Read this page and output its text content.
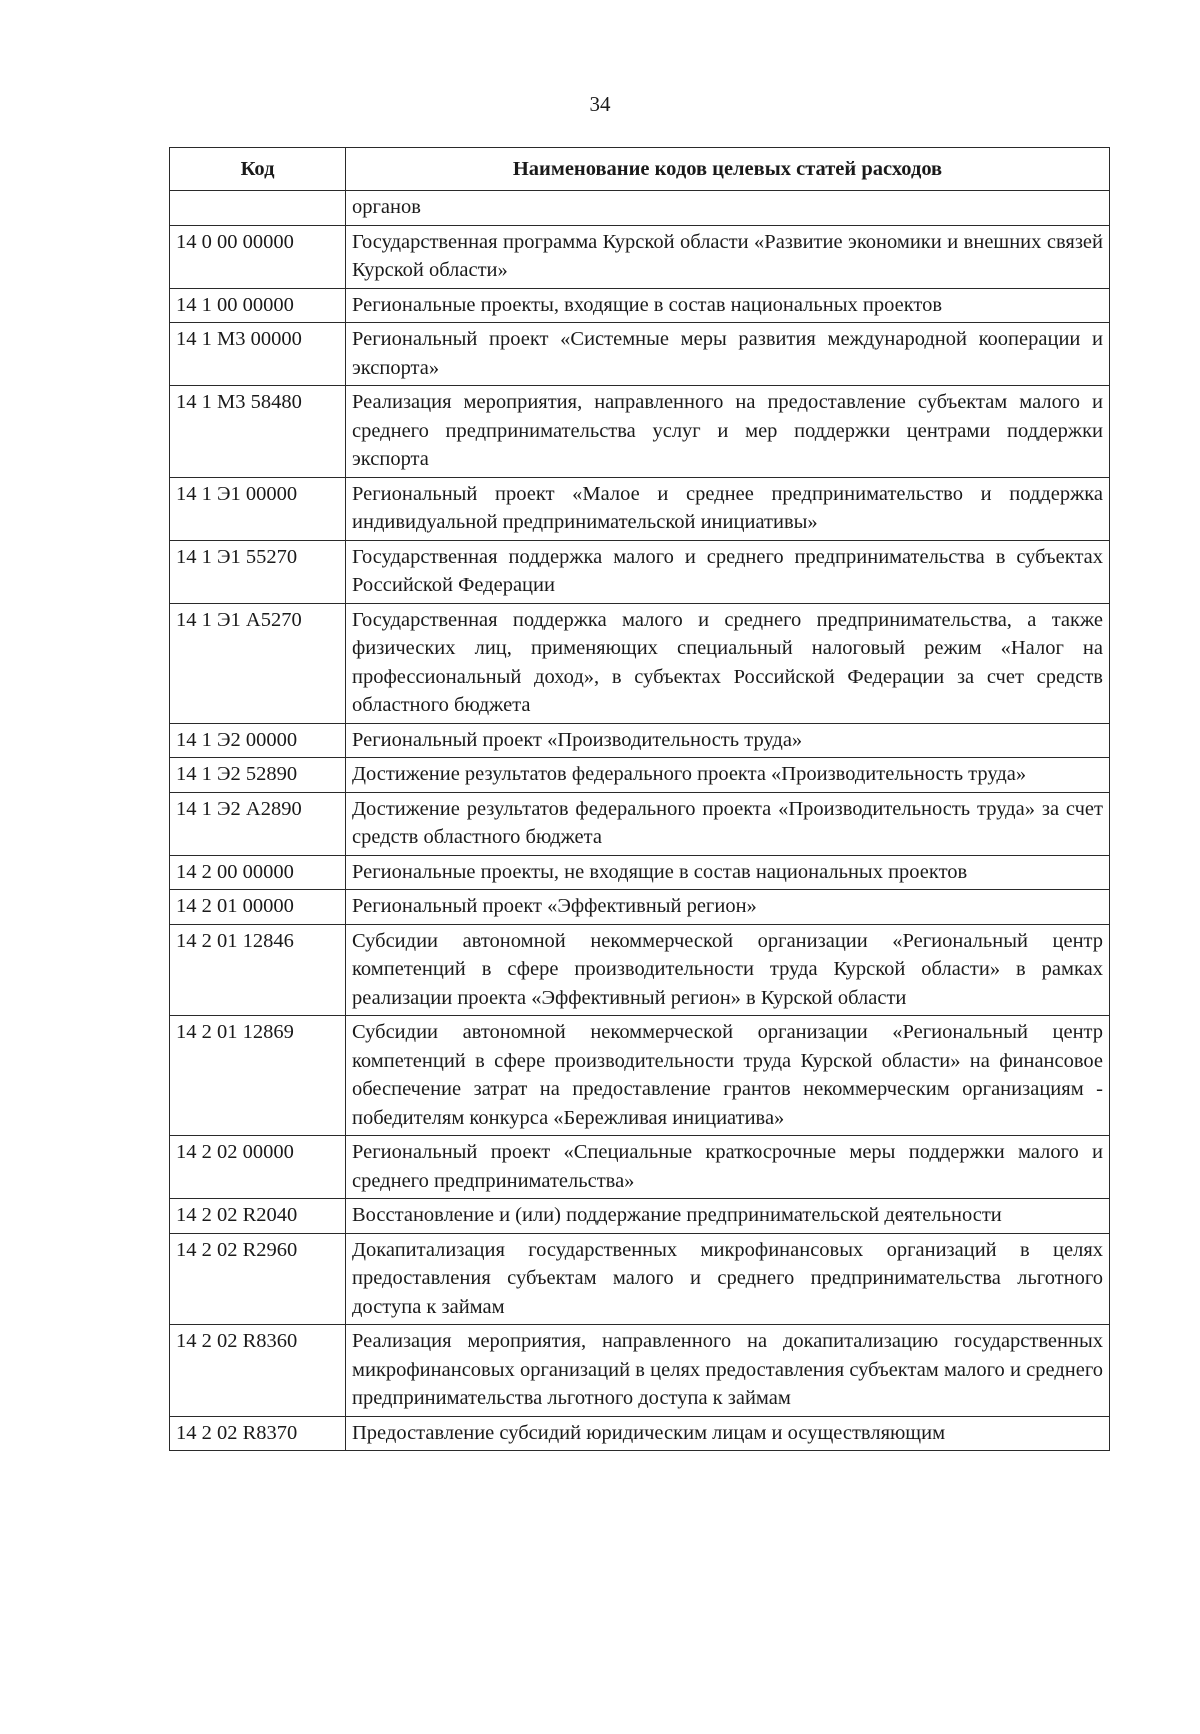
34
Код	Наименование кодов целевых статей расходов
	органов
14 0 00 00000	Государственная программа Курской области «Развитие экономики и внешних связей Курской области»
14 1 00 00000	Региональные проекты, входящие в состав национальных проектов
14 1 М3 00000	Региональный проект «Системные меры развития международной кооперации и экспорта»
14 1 М3 58480	Реализация мероприятия, направленного на предоставление субъектам малого и среднего предпринимательства услуг и мер поддержки центрами поддержки экспорта
14 1 Э1 00000	Региональный проект «Малое и среднее предпринимательство и поддержка индивидуальной предпринимательской инициативы»
14 1 Э1 55270	Государственная поддержка малого и среднего предпринимательства в субъектах Российской Федерации
14 1 Э1 А5270	Государственная поддержка малого и среднего предпринимательства, а также физических лиц, применяющих специальный налоговый режим «Налог на профессиональный доход», в субъектах Российской Федерации за счет средств областного бюджета
14 1 Э2 00000	Региональный проект «Производительность труда»
14 1 Э2 52890	Достижение результатов федерального проекта «Производительность труда»
14 1 Э2 А2890	Достижение результатов федерального проекта «Производительность труда» за счет средств областного бюджета
14 2 00 00000	Региональные проекты, не входящие в состав национальных проектов
14 2 01 00000	Региональный проект «Эффективный регион»
14 2 01 12846	Субсидии автономной некоммерческой организации «Региональный центр компетенций в сфере производительности труда Курской области» в рамках реализации проекта «Эффективный регион» в Курской области
14 2 01 12869	Субсидии автономной некоммерческой организации «Региональный центр компетенций в сфере производительности труда Курской области» на финансовое обеспечение затрат на предоставление грантов некоммерческим организациям - победителям конкурса «Бережливая инициатива»
14 2 02 00000	Региональный проект «Специальные краткосрочные меры поддержки малого и среднего предпринимательства»
14 2 02 R2040	Восстановление и (или) поддержание предпринимательской деятельности
14 2 02 R2960	Докапитализация государственных микрофинансовых организаций в целях предоставления субъектам малого и среднего предпринимательства льготного доступа к займам
14 2 02 R8360	Реализация мероприятия, направленного на докапитализацию государственных микрофинансовых организаций в целях предоставления субъектам малого и среднего предпринимательства льготного доступа к займам
14 2 02 R8370	Предоставление субсидий юридическим лицам и осуществляющим
